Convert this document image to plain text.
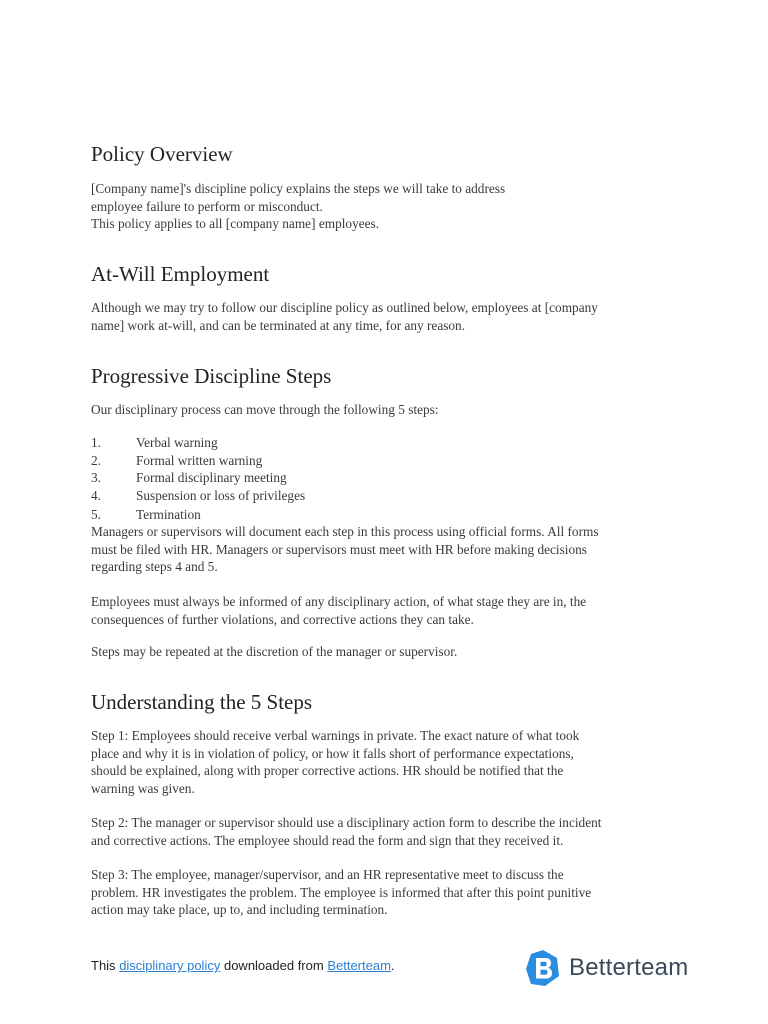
Policy Overview
[Company name]'s discipline policy explains the steps we will take to address
employee failure to perform or misconduct.
This policy applies to all [company name] employees.
At-Will Employment
Although we may try to follow our discipline policy as outlined below, employees at [company
name] work at-will, and can be terminated at any time, for any reason.
Progressive Discipline Steps
Our disciplinary process can move through the following 5 steps:
1.	Verbal warning
2.	Formal written warning
3.	Formal disciplinary meeting
4.	Suspension or loss of privileges
5.	Termination
Managers or supervisors will document each step in this process using official forms. All forms
must be filed with HR. Managers or supervisors must meet with HR before making decisions
regarding steps 4 and 5.
Employees must always be informed of any disciplinary action, of what stage they are in, the
consequences of further violations, and corrective actions they can take.
Steps may be repeated at the discretion of the manager or supervisor.
Understanding the 5 Steps
Step 1: Employees should receive verbal warnings in private. The exact nature of what took
place and why it is in violation of policy, or how it falls short of performance expectations,
should be explained, along with proper corrective actions. HR should be notified that the
warning was given.
Step 2: The manager or supervisor should use a disciplinary action form to describe the incident
and corrective actions. The employee should read the form and sign that they received it.
Step 3: The employee, manager/supervisor, and an HR representative meet to discuss the
problem. HR investigates the problem. The employee is informed that after this point punitive
action may take place, up to, and including termination.
This disciplinary policy downloaded from Betterteam.	Betterteam
